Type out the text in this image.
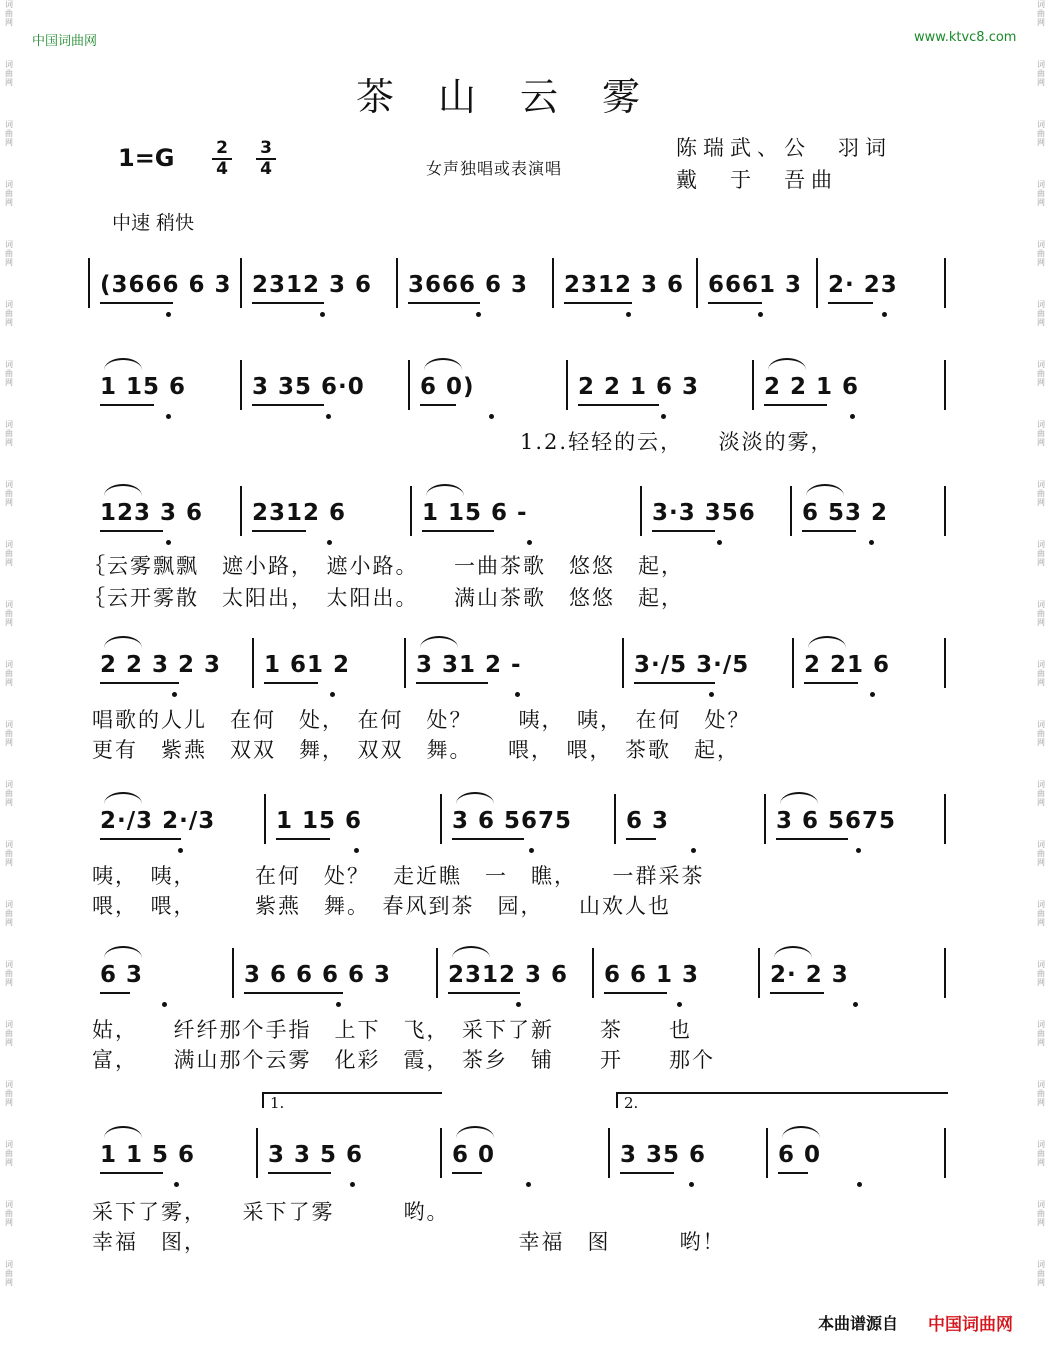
词
曲
网
词
曲
网
词
曲
网
词
曲
网
词
曲
网
词
曲
网
词
曲
网
词
曲
网
词
曲
网
词
曲
网
词
曲
网
词
曲
网
词
曲
网
词
曲
网
词
曲
网
词
曲
网
词
曲
网
词
曲
网
词
曲
网
词
曲
网
词
曲
网
词
曲
网
词
曲
网
词
曲
网
词
曲
网
词
曲
网
词
曲
网
词
曲
网
词
曲
网
词
曲
网
词
曲
网
词
曲
网
词
曲
网
词
曲
网
词
曲
网
词
曲
网
词
曲
网
词
曲
网
词
曲
网
词
曲
网
词
曲
网
词
曲
网
词
曲
网
词
曲
网
中国词曲网	www.ktvc8.com
茶山云雾
$1=G \frac{2}{4} \frac{3}{4}$	女声独唱或表演唱
陈瑞武、公　羽词
戴　于　吾曲
中速 稍快
(3666 6 3 2312 3 6	3666 6 3	2312 3 6 6661 3 2· 23
1 15 6	3 35 6·0	6 0)	2 2 1 6 3	2 2 1 6
123 3 6	2312 6	1 15 6 -	3·3 356	6 53 2
2 2 3 2 3	1 61 2	3 31 2 -	3·/5 3·/5	2 21 6
2·/3 2·/3	1 15 6	3 6 5675	6 3	3 6 5675
6 3	3 6 6 6 6 3	2312 3 6	6 6 1 3	2· 2 3
1 1 5 6	3 3 5 6	6 0	3 35 6	6 0
1.	2.
1.2.轻轻的云，　　淡淡的雾，
｛云雾飘飘　遮小路，　遮小路。　　一曲茶歌　悠悠　起，
｛云开雾散　太阳出，　太阳出。　　满山茶歌　悠悠　起，
唱歌的人儿　在何　处，　在何　处？　　咦，　咦，　在何　处？
更有　紫燕　双双　舞，　双双　舞。　　喂，　喂，　茶歌　起，
咦，　咦，　　　在何　处？　走近瞧　一　瞧，　　一群采茶
喂，　喂，　　　紫燕　舞。　春风到茶　园，　　山欢人也
姑，　　纤纤那个手指　上下　飞，　采下了新　　茶　　也
富，　　满山那个云雾　化彩　霞，　茶乡　铺　　开　　那个
采下了雾，　　采下了雾　　　哟。
幸福　图，　　　　　　　　　　　　　　幸福　图　　　哟！
本曲谱源自 中国词曲网
